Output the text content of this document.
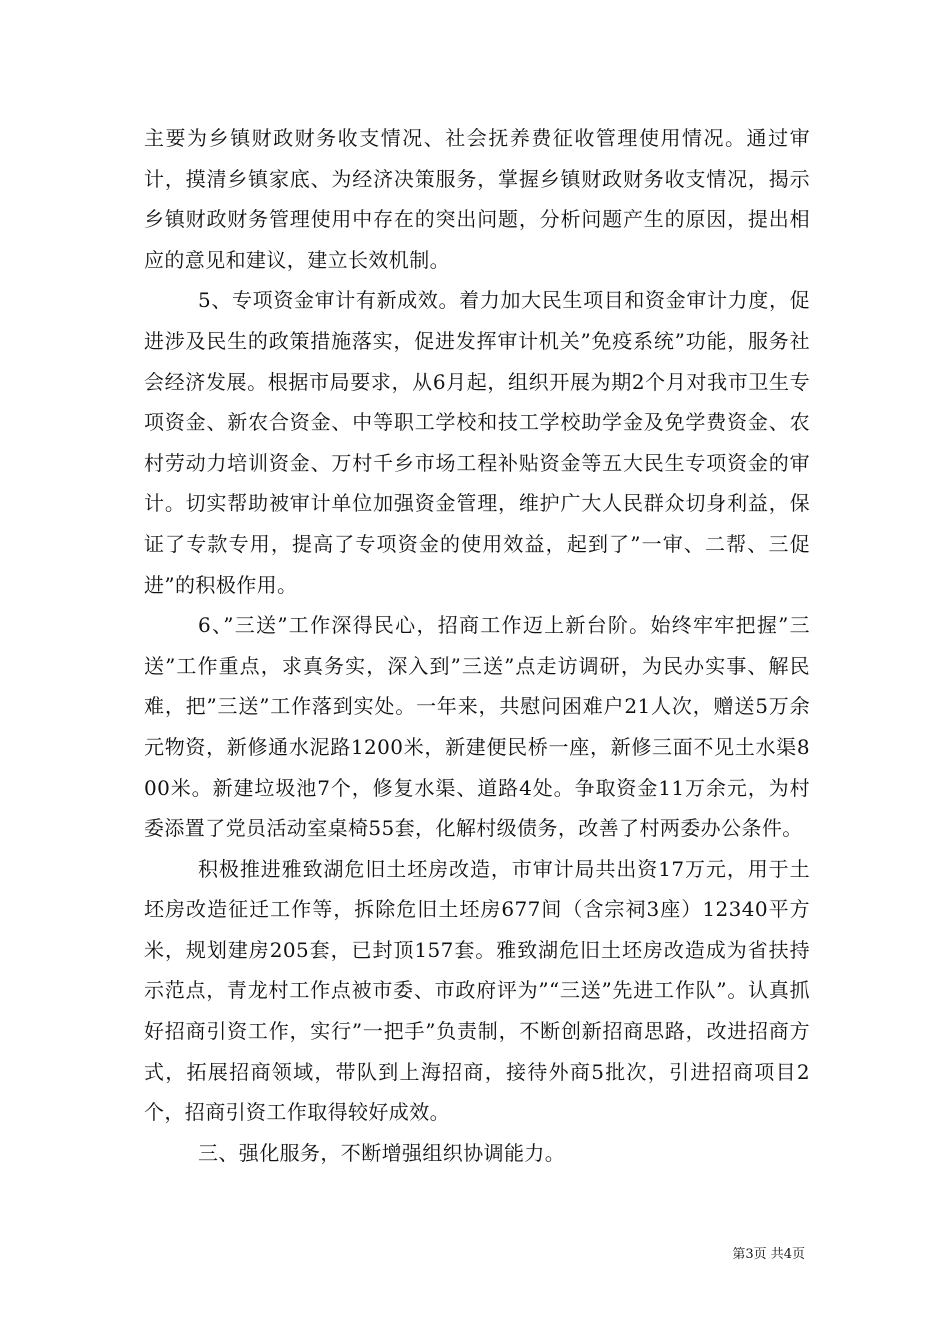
主要为乡镇财政财务收支情况、社会抚养费征收管理使用情况。通过审计，摸清乡镇家底、为经济决策服务，掌握乡镇财政财务收支情况，揭示乡镇财政财务管理使用中存在的突出问题，分析问题产生的原因，提出相应的意见和建议，建立长效机制。

5、专项资金审计有新成效。着力加大民生项目和资金审计力度，促进涉及民生的政策措施落实，促进发挥审计机关”免疫系统”功能，服务社会经济发展。根据市局要求，从6月起，组织开展为期2个月对我市卫生专项资金、新农合资金、中等职工学校和技工学校助学金及免学费资金、农村劳动力培训资金、万村千乡市场工程补贴资金等五大民生专项资金的审计。切实帮助被审计单位加强资金管理，维护广大人民群众切身利益，保证了专款专用，提高了专项资金的使用效益，起到了”一审、二帮、三促进”的积极作用。

6、”三送”工作深得民心，招商工作迈上新台阶。始终牢牢把握”三送”工作重点，求真务实，深入到”三送”点走访调研，为民办实事、解民难，把”三送”工作落到实处。一年来，共慰问困难户21人次，赠送5万余元物资，新修通水泥路1200米，新建便民桥一座，新修三面不见土水渠800米。新建垃圾池7个，修复水渠、道路4处。争取资金11万余元，为村委添置了党员活动室桌椅55套，化解村级债务，改善了村两委办公条件。

积极推进雅致湖危旧土坯房改造，市审计局共出资17万元，用于土坯房改造征迁工作等，拆除危旧土坯房677间（含宗祠3座）12340平方米，规划建房205套，已封顶157套。雅致湖危旧土坯房改造成为省扶持示范点，青龙村工作点被市委、市政府评为”“三送”先进工作队”。认真抓好招商引资工作，实行”一把手”负责制，不断创新招商思路，改进招商方式，拓展招商领域，带队到上海招商，接待外商5批次，引进招商项目2个，招商引资工作取得较好成效。

三、强化服务，不断增强组织协调能力。

第3页 共4页
